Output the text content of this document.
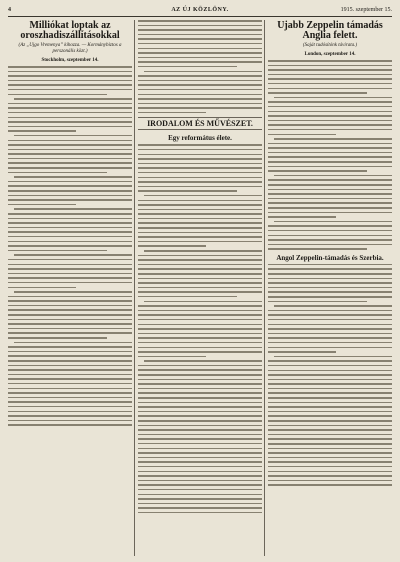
4	AZ ÚJ KÖZLÖNY.	1915. szeptember 15.
Milliókat loptak az oroszhadiszállításokkal
(Az „Ujgo Vremenya” kihozza. — Kormánybiztos a perszonális közt.)
Stockholm, szeptember 14.
IRODALOM ÉS MŰVÉSZET.
Egy református élete.
Ujabb Zeppelin támadás Anglia felett.
(Saját tudósítónk távirata.)
London, szeptember 14.
Angol Zeppelin-támadás és Szerbia.
